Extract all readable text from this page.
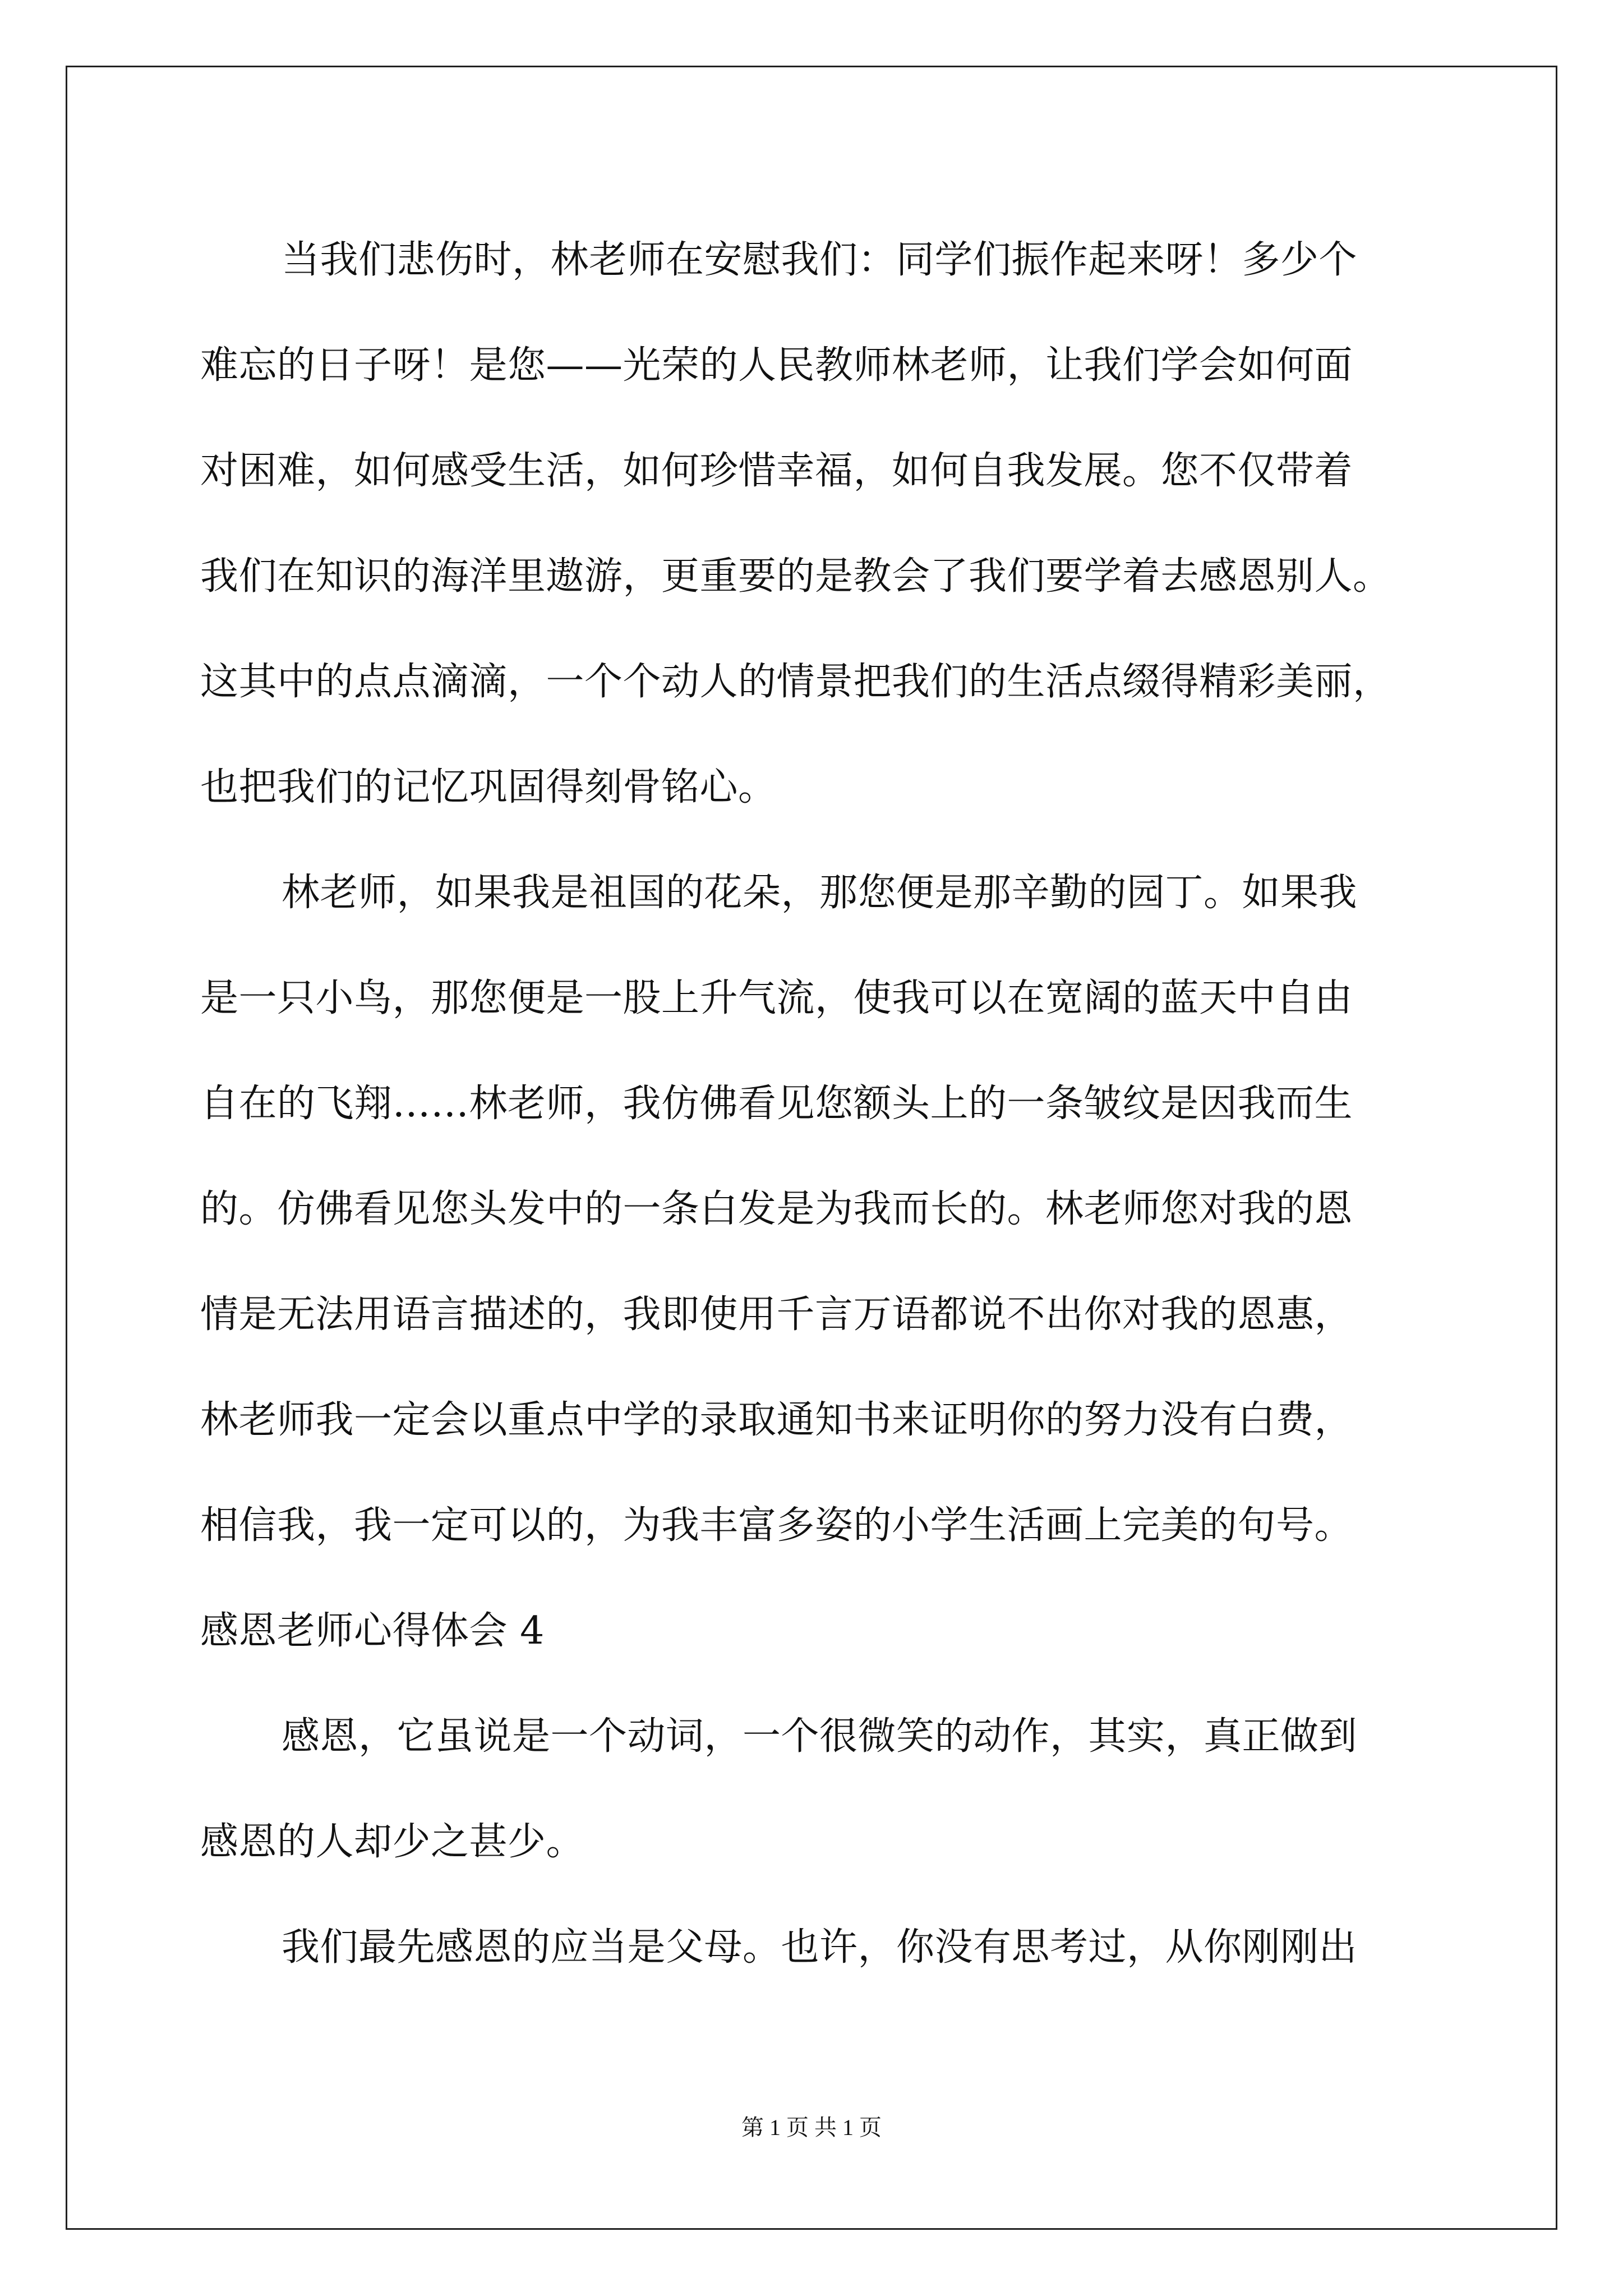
当我们悲伤时，林老师在安慰我们：同学们振作起来呀！多少个
难忘的日子呀！是您——光荣的人民教师林老师，让我们学会如何面
对困难，如何感受生活，如何珍惜幸福，如何自我发展。您不仅带着
我们在知识的海洋里遨游，更重要的是教会了我们要学着去感恩别人。
这其中的点点滴滴，一个个动人的情景把我们的生活点缀得精彩美丽，
也把我们的记忆巩固得刻骨铭心。
林老师，如果我是祖国的花朵，那您便是那辛勤的园丁。如果我
是一只小鸟，那您便是一股上升气流，使我可以在宽阔的蓝天中自由
自在的飞翔……林老师，我仿佛看见您额头上的一条皱纹是因我而生
的。仿佛看见您头发中的一条白发是为我而长的。林老师您对我的恩
情是无法用语言描述的，我即使用千言万语都说不出你对我的恩惠，
林老师我一定会以重点中学的录取通知书来证明你的努力没有白费，
相信我，我一定可以的，为我丰富多姿的小学生活画上完美的句号。
感恩老师心得体会 4
感恩，它虽说是一个动词，一个很微笑的动作，其实，真正做到
感恩的人却少之甚少。
我们最先感恩的应当是父母。也许，你没有思考过，从你刚刚出
第 1 页 共 1 页
